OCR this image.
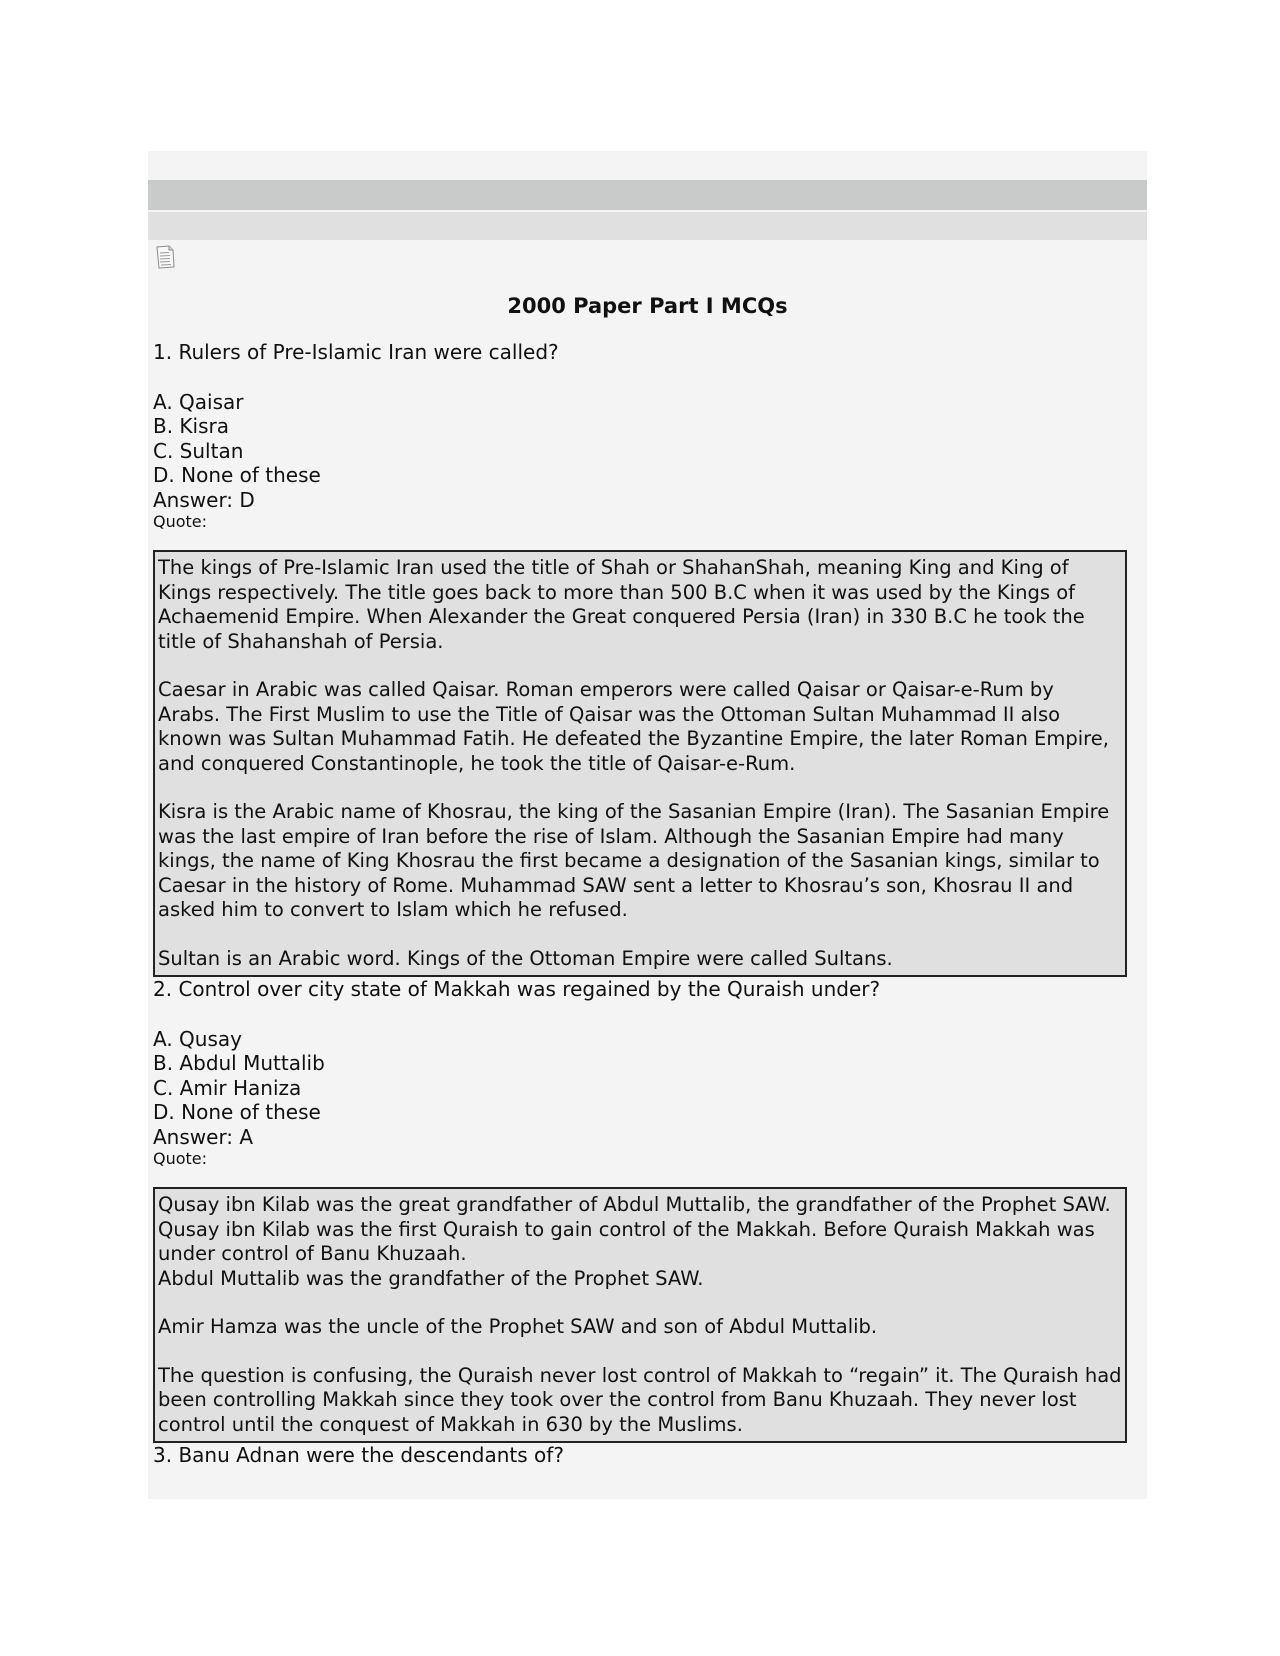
2000 Paper Part I MCQs

1. Rulers of Pre-Islamic Iran were called?

A. Qaisar

B. Kisra

C. Sultan

D. None of these

Answer: D

Quote:

The kings of Pre-Islamic Iran used the title of Shah or ShahanShah, meaning King and King of Kings respectively. The title goes back to more than 500 B.C when it was used by the Kings of Achaemenid Empire. When Alexander the Great conquered Persia (Iran) in 330 B.C he took the title of Shahanshah of Persia.

Caesar in Arabic was called Qaisar. Roman emperors were called Qaisar or Qaisar-e-Rum by Arabs. The First Muslim to use the Title of Qaisar was the Ottoman Sultan Muhammad II also known was Sultan Muhammad Fatih. He defeated the Byzantine Empire, the later Roman Empire, and conquered Constantinople, he took the title of Qaisar-e-Rum.

Kisra is the Arabic name of Khosrau, the king of the Sasanian Empire (Iran). The Sasanian Empire was the last empire of Iran before the rise of Islam. Although the Sasanian Empire had many kings, the name of King Khosrau the first became a designation of the Sasanian kings, similar to Caesar in the history of Rome. Muhammad SAW sent a letter to Khosrau’s son, Khosrau II and asked him to convert to Islam which he refused.

Sultan is an Arabic word. Kings of the Ottoman Empire were called Sultans.

2. Control over city state of Makkah was regained by the Quraish under?

A. Qusay

B. Abdul Muttalib

C. Amir Haniza

D. None of these

Answer: A

Quote:

Qusay ibn Kilab was the great grandfather of Abdul Muttalib, the grandfather of the Prophet SAW. Qusay ibn Kilab was the first Quraish to gain control of the Makkah. Before Quraish Makkah was under control of Banu Khuzaah.

Abdul Muttalib was the grandfather of the Prophet SAW.

Amir Hamza was the uncle of the Prophet SAW and son of Abdul Muttalib.

The question is confusing, the Quraish never lost control of Makkah to “regain” it. The Quraish had been controlling Makkah since they took over the control from Banu Khuzaah. They never lost control until the conquest of Makkah in 630 by the Muslims.

3. Banu Adnan were the descendants of?
